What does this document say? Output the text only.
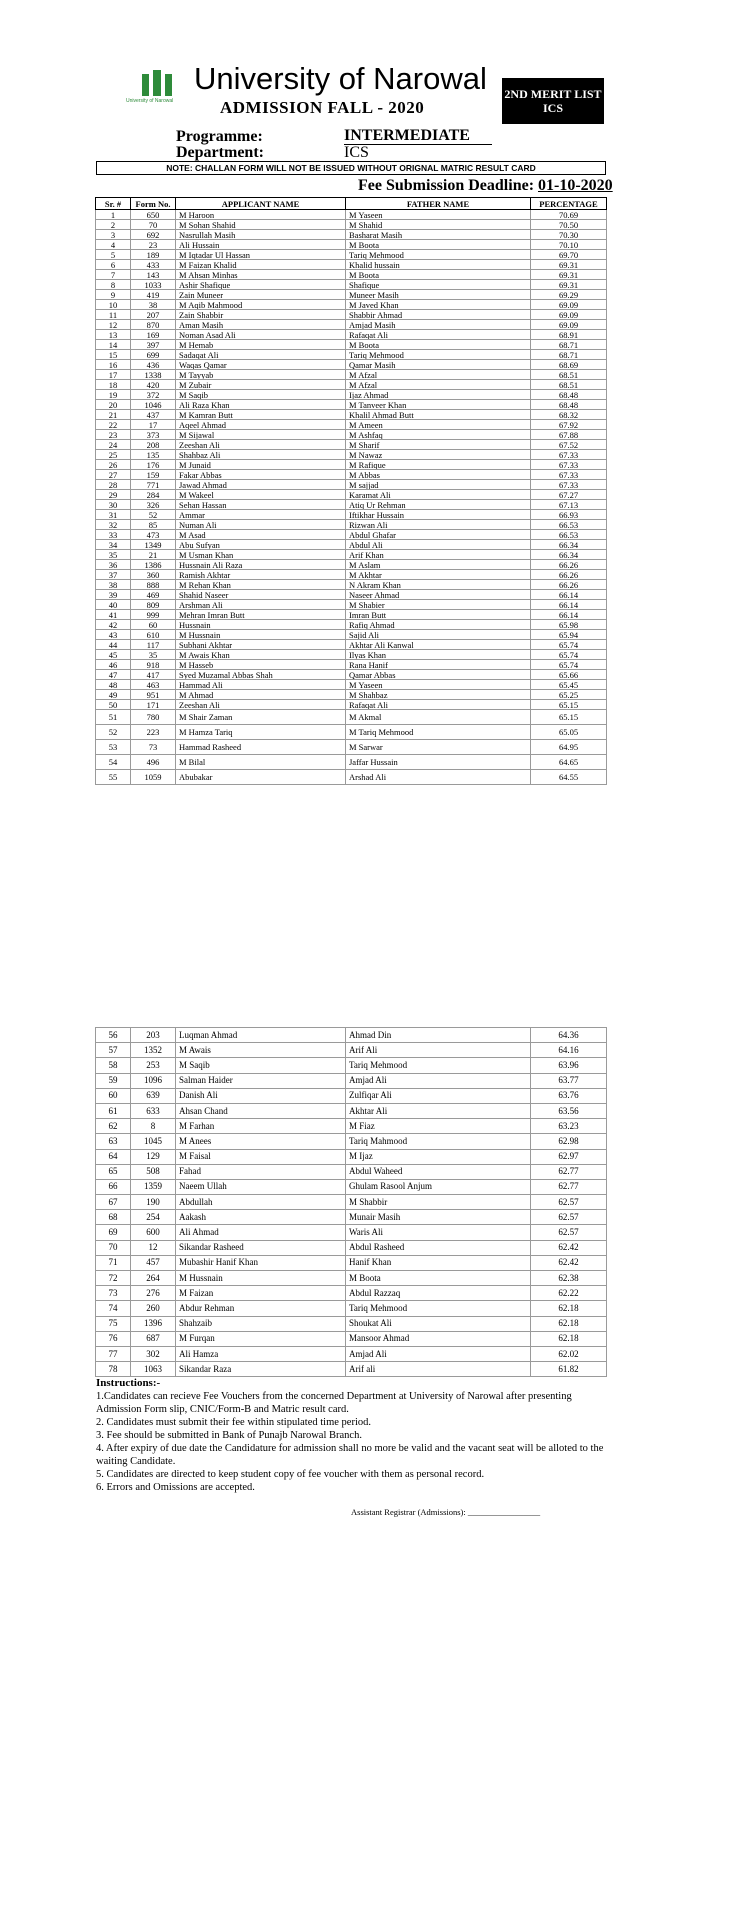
University of Narowal
University of Narowal
ADMISSION FALL - 2020
2ND MERIT LIST
ICS
Programme:	INTERMEDIATE
Department:	ICS
NOTE: CHALLAN FORM WILL NOT BE ISSUED WITHOUT ORIGNAL MATRIC RESULT CARD
Fee Submission Deadline: 01-10-2020
Sr. #	Form No.	APPLICANT NAME	FATHER NAME	PERCENTAGE
1	650	M Haroon	M Yaseen	70.69
2	70	M Sohan Shahid	M Shahid	70.50
3	692	Nasrullah Masih	Basharat Masih	70.30
4	23	Ali Hussain	M Boota	70.10
5	189	M Iqtadar Ul Hassan	Tariq Mehmood	69.70
6	433	M Faizan Khalid	Khalid hussain	69.31
7	143	M Ahsan Minhas	M Boota	69.31
8	1033	Ashir Shafique	Shafique	69.31
9	419	Zain Muneer	Muneer Masih	69.29
10	38	M Aqib Mahmood	M Javed Khan	69.09
11	207	Zain Shabbir	Shabbir Ahmad	69.09
12	870	Aman Masih	Amjad Masih	69.09
13	169	Noman Asad Ali	Rafaqat Ali	68.91
14	397	M Hemab	M Boota	68.71
15	699	Sadaqat Ali	Tariq Mehmood	68.71
16	436	Waqas Qamar	Qamar Masih	68.69
17	1338	M Tayyab	M Afzal	68.51
18	420	M Zubair	M Afzal	68.51
19	372	M Saqib	Ijaz Ahmad	68.48
20	1046	Ali Raza Khan	M Tanveer Khan	68.48
21	437	M Kamran Butt	Khalil Ahmad Butt	68.32
22	17	Aqeel Ahmad	M Ameen	67.92
23	373	M Sijawal	M Ashfaq	67.88
24	208	Zeeshan Ali	M Sharif	67.52
25	135	Shahbaz Ali	M Nawaz	67.33
26	176	M Junaid	M Rafique	67.33
27	159	Fakar Abbas	M Abbas	67.33
28	771	Jawad Ahmad	M sajjad	67.33
29	284	M Wakeel	Karamat Ali	67.27
30	326	Sehan Hassan	Atiq Ur Rehman	67.13
31	52	Ammar	Iftikhar Hussain	66.93
32	85	Numan Ali	Rizwan Ali	66.53
33	473	M Asad	Abdul Ghafar	66.53
34	1349	Abu Sufyan	Abdul Ali	66.34
35	21	M Usman Khan	Arif Khan	66.34
36	1386	Hussnain Ali Raza	M Aslam	66.26
37	360	Ramish Akhtar	M Akhtar	66.26
38	888	M Rehan Khan	N Akram Khan	66.26
39	469	Shahid Naseer	Naseer Ahmad	66.14
40	809	Arshman Ali	M Shabier	66.14
41	999	Mehran Imran Butt	Imran Butt	66.14
42	60	Hussnain	Rafiq Ahmad	65.98
43	610	M Hussnain	Sajid Ali	65.94
44	117	Subhani Akhtar	Akhtar Ali Kanwal	65.74
45	35	M Awais Khan	Ilyas Khan	65.74
46	918	M Hasseb	Rana Hanif	65.74
47	417	Syed Muzamal Abbas Shah	Qamar Abbas	65.66
48	463	Hammad Ali	M Yaseen	65.45
49	951	M Ahmad	M Shahbaz	65.25
50	171	Zeeshan Ali	Rafaqat Ali	65.15
51	780	M Shair Zaman	M Akmal	65.15
52	223	M Hamza Tariq	M Tariq Mehmood	65.05
53	73	Hammad Rasheed	M Sarwar	64.95
54	496	M Bilal	Jaffar Hussain	64.65
55	1059	Abubakar	Arshad Ali	64.55
56	203	Luqman Ahmad	Ahmad Din	64.36
57	1352	M Awais	Arif Ali	64.16
58	253	M Saqib	Tariq Mehmood	63.96
59	1096	Salman Haider	Amjad Ali	63.77
60	639	Danish Ali	Zulfiqar Ali	63.76
61	633	Ahsan Chand	Akhtar Ali	63.56
62	8	M Farhan	M Fiaz	63.23
63	1045	M Anees	Tariq Mahmood	62.98
64	129	M Faisal	M Ijaz	62.97
65	508	Fahad	Abdul Waheed	62.77
66	1359	Naeem Ullah	Ghulam Rasool Anjum	62.77
67	190	Abdullah	M Shabbir	62.57
68	254	Aakash	Munair Masih	62.57
69	600	Ali Ahmad	Waris Ali	62.57
70	12	Sikandar Rasheed	Abdul Rasheed	62.42
71	457	Mubashir Hanif Khan	Hanif Khan	62.42
72	264	M Hussnain	M Boota	62.38
73	276	M Faizan	Abdul Razzaq	62.22
74	260	Abdur Rehman	Tariq Mehmood	62.18
75	1396	Shahzaib	Shoukat Ali	62.18
76	687	M Furqan	Mansoor Ahmad	62.18
77	302	Ali Hamza	Amjad Ali	62.02
78	1063	Sikandar Raza	Arif ali	61.82
Instructions:-

1.Candidates can recieve Fee Vouchers from the concerned Department at University of Narowal after presenting Admission Form slip, CNIC/Form-B and Matric result card.

2. Candidates must submit their fee within stipulated time period.

3. Fee should be submitted in Bank of Punajb Narowal Branch.

4. After expiry of due date the Candidature for admission shall no more be valid and the vacant seat will be alloted to the waiting Candidate.

5. Candidates are directed to keep student copy of fee voucher with them as personal record.

6. Errors and Omissions are accepted.

Assistant Registrar (Admissions): _________________
